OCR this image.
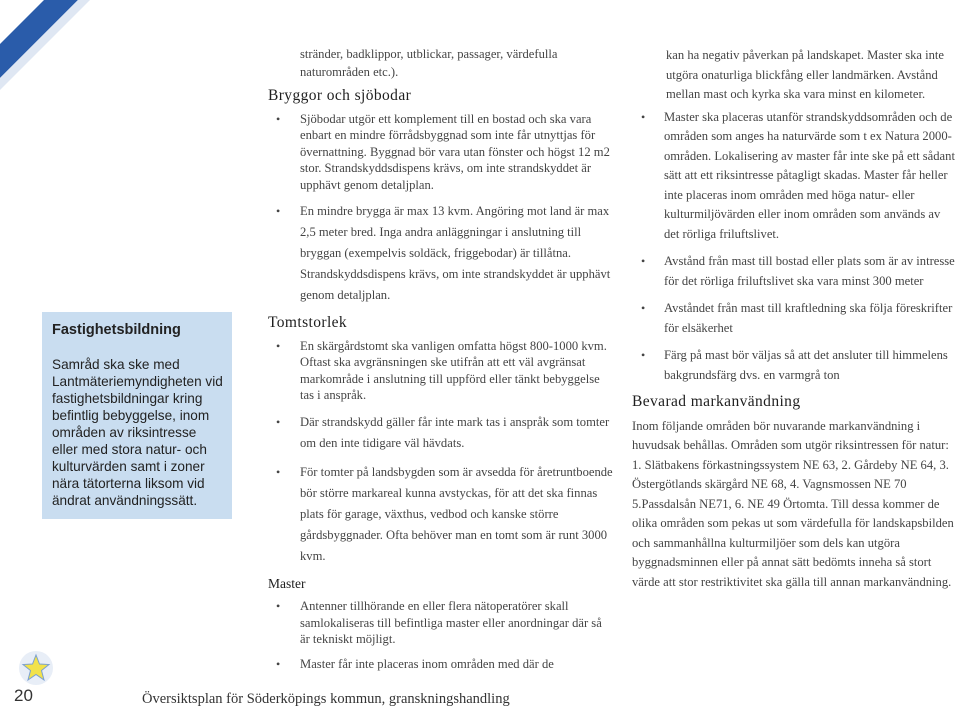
Fastighetsbildning

Samråd ska ske med Lantmäteriemyndigheten vid fastighetsbildningar kring befintlig bebyggelse, inom områden av riksintresse eller med stora natur- och kulturvärden samt i zoner nära tätorterna liksom vid ändrat användningssätt.

20	Översiktsplan för Söderköpings kommun, granskningshandling

stränder, badklippor, utblickar, passager, värdefulla naturområden etc.).

Bryggor och sjöbodar
• Sjöbodar utgör ett komplement till en bostad och ska vara enbart en mindre förrådsbyggnad som inte får utnyttjas för övernattning. Byggnad bör vara utan fönster och högst 12 m2 stor. Strandskyddsdispens krävs, om inte strandskyddet är upphävt genom detaljplan.
• En mindre brygga är max 13 kvm. Angöring mot land är max 2,5 meter bred. Inga andra anläggningar i anslutning till bryggan (exempelvis soldäck, friggebodar) är tillåtna. Strandskyddsdispens krävs, om inte strandskyddet är upphävt genom detaljplan.
Tomtstorlek
• En skärgårdstomt ska vanligen omfatta högst 800-1000 kvm. Oftast ska avgränsningen ske utifrån att ett väl avgränsat markområde i anslutning till uppförd eller tänkt bebyggelse tas i anspråk.
• Där strandskydd gäller får inte mark tas i anspråk som tomter om den inte tidigare väl hävdats.
• För tomter på landsbygden som är avsedda för åretruntboende bör större markareal kunna avstyckas, för att det ska finnas plats för garage, växthus, vedbod och kanske större gårdsbyggnader. Ofta behöver man en tomt som är runt 3000 kvm.
Master
• Antenner tillhörande en eller flera nätoperatörer skall samlokaliseras till befintliga master eller anordningar där så är tekniskt möjligt.
• Master får inte placeras inom områden med där de

kan ha negativ påverkan på landskapet. Master ska inte utgöra onaturliga blickfång eller landmärken. Avstånd mellan mast och kyrka ska vara minst en kilometer.

• Master ska placeras utanför strandskyddsområden och de områden som anges ha naturvärde som t ex Natura 2000-områden. Lokalisering av master får inte ske på ett sådant sätt att ett riksintresse påtagligt skadas. Master får heller inte placeras inom områden med höga natur- eller kulturmiljövärden eller inom områden som används av det rörliga friluftslivet.
• Avstånd från mast till bostad eller plats som är av intresse för det rörliga friluftslivet ska vara minst 300 meter
• Avståndet från mast till kraftledning ska följa föreskrifter för elsäkerhet
• Färg på mast bör väljas så att det ansluter till himmelens bakgrundsfärg dvs. en varmgrå ton
Bevarad markanvändning

Inom följande områden bör nuvarande markanvändning i huvudsak behållas. Områden som utgör riksintressen för natur: 1. Slätbakens förkastningssystem NE 63, 2. Gårdeby NE 64, 3. Östergötlands skärgård NE 68, 4. Vagnsmossen NE 70 5.Passdalsån NE71, 6. NE 49 Örtomta. Till dessa kommer de olika områden som pekas ut som värdefulla för landskapsbilden och sammanhållna kulturmiljöer som dels kan utgöra byggnadsminnen eller på annat sätt bedömts inneha så stort värde att stor restriktivitet ska gälla till annan markanvändning.
